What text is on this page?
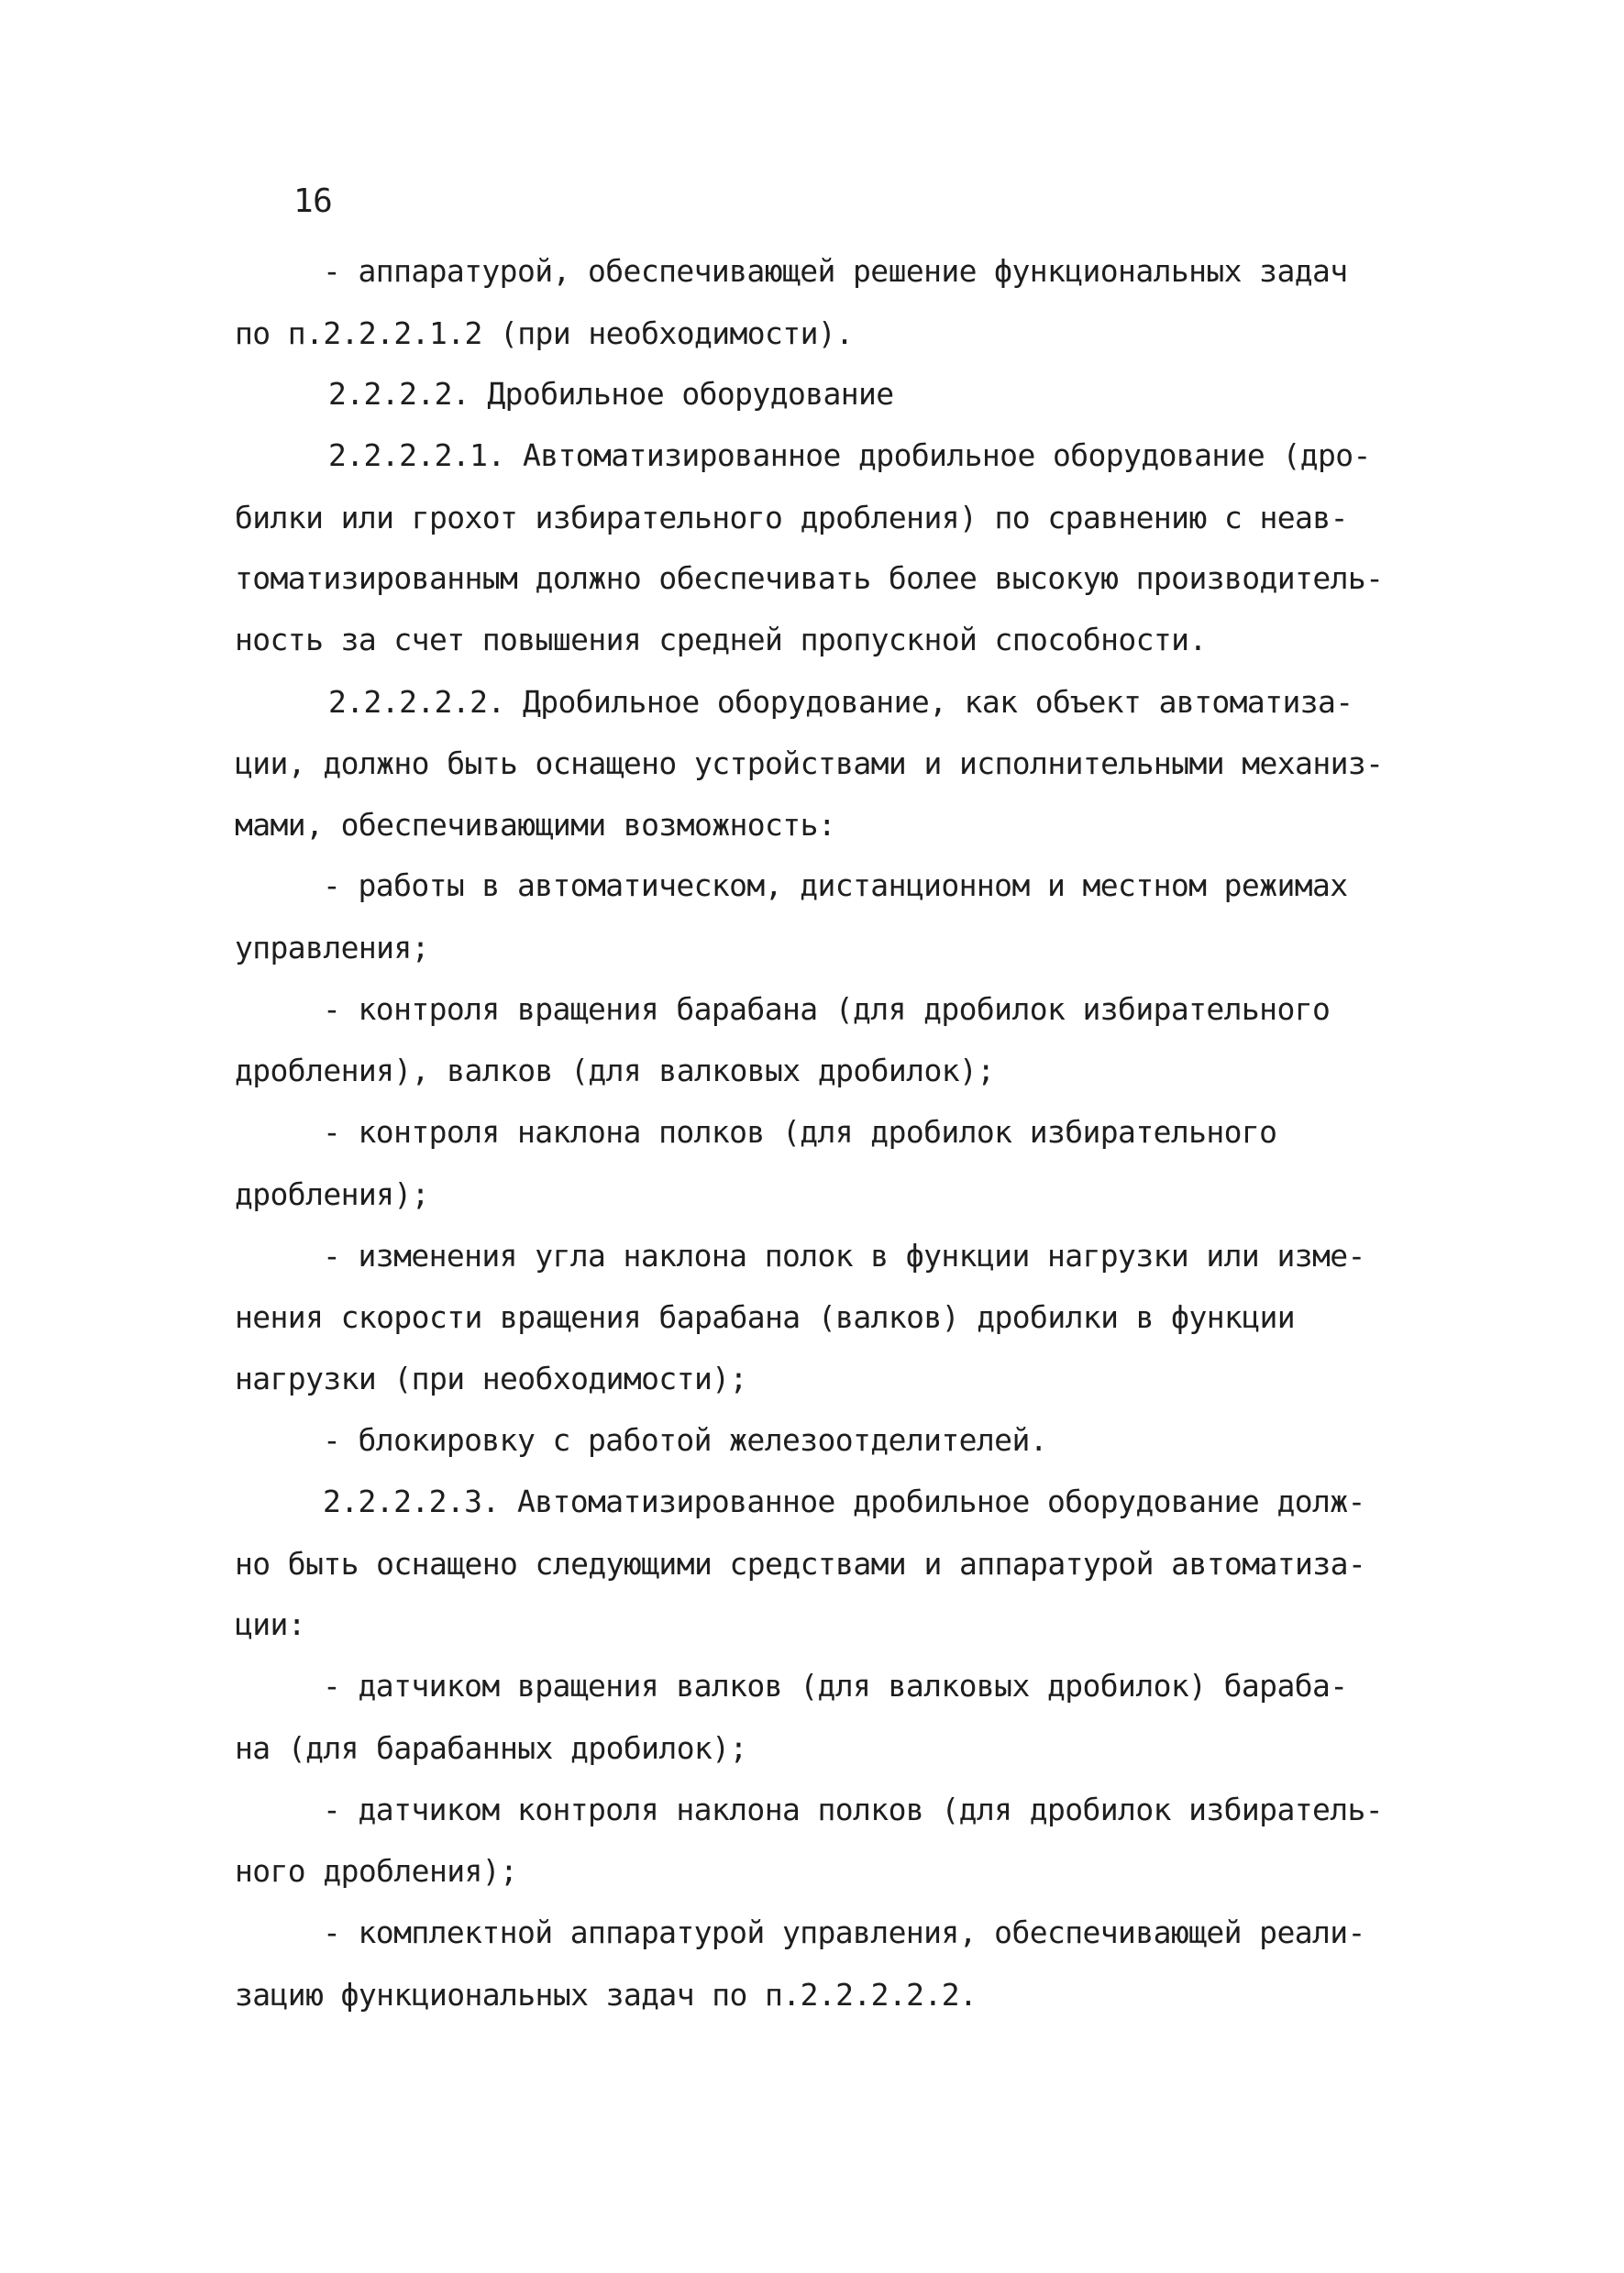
16
- аппаратурой, обеспечивающей решение функциональных задач
по п.2.2.2.1.2 (при необходимости).
2.2.2.2. Дробильное оборудование
2.2.2.2.1. Автоматизированное дробильное оборудование (дро-
билки или грохот избирательного дробления) по сравнению с неав-
томатизированным должно обеспечивать более высокую производитель-
ность за счет повышения средней пропускной способности.
2.2.2.2.2. Дробильное оборудование, как объект автоматиза-
ции, должно быть оснащено устройствами и исполнительными механиз-
мами, обеспечивающими возможность:
- работы в автоматическом, дистанционном и местном режимах
управления;
- контроля вращения барабана (для дробилок избирательного
дробления), валков (для валковых дробилок);
- контроля наклона полков (для дробилок избирательного
дробления);
- изменения угла наклона полок в функции нагрузки или изме-
нения скорости вращения барабана (валков) дробилки в функции
нагрузки (при необходимости);
- блокировку с работой железоотделителей.
2.2.2.2.3. Автоматизированное дробильное оборудование долж-
но быть оснащено следующими средствами и аппаратурой автоматиза-
ции:
- датчиком вращения валков (для валковых дробилок) бараба-
на (для барабанных дробилок);
- датчиком контроля наклона полков (для дробилок избиратель-
ного дробления);
- комплектной аппаратурой управления, обеспечивающей реали-
зацию функциональных задач по п.2.2.2.2.2.
